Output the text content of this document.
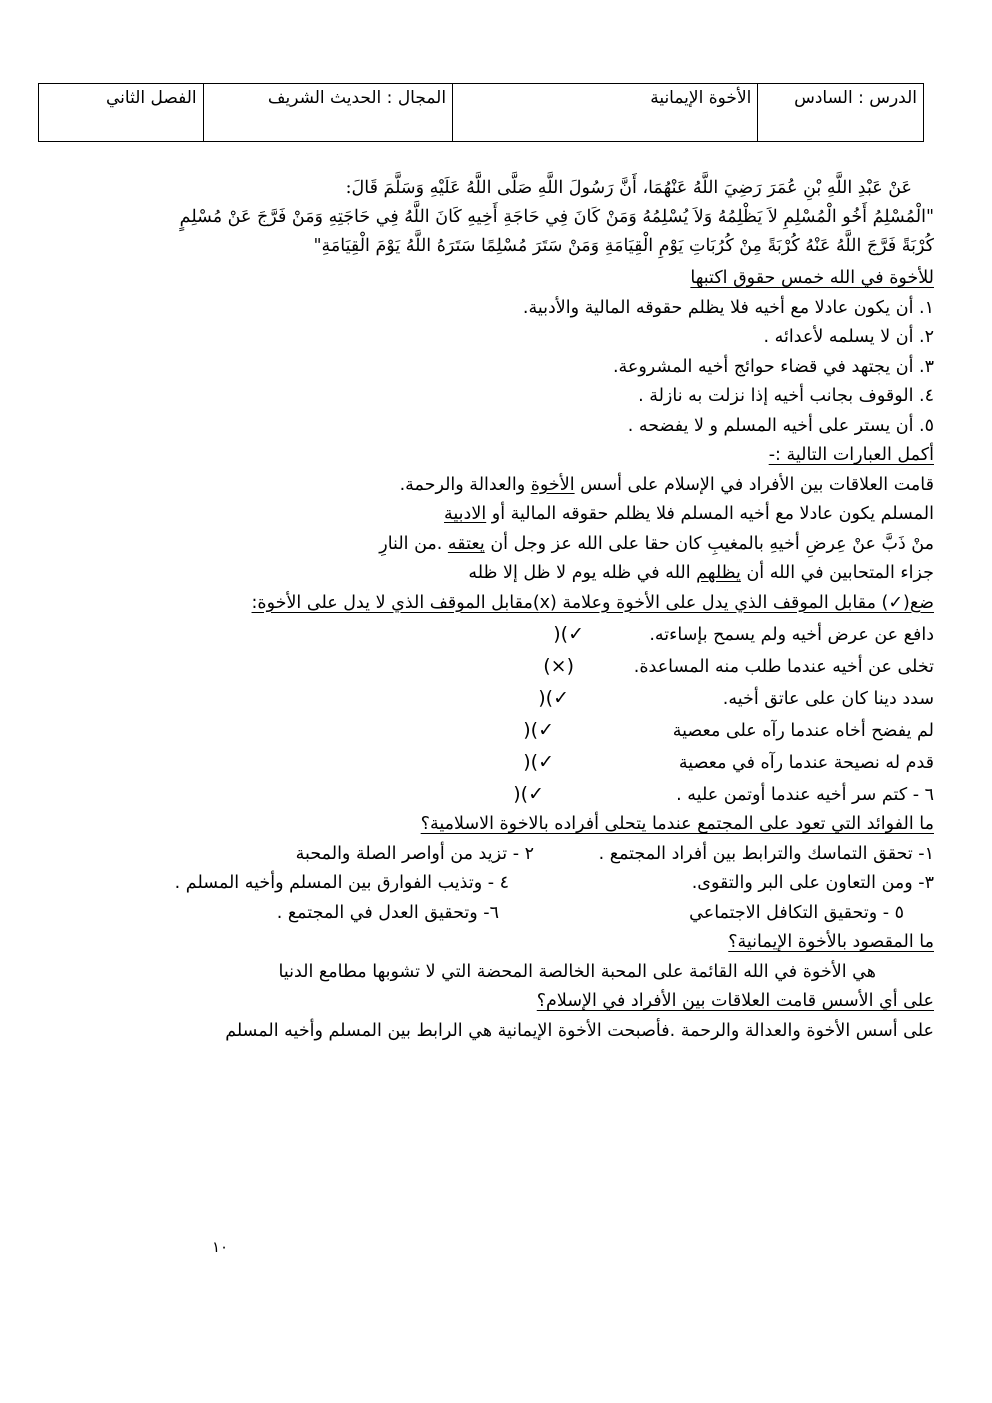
الدرس : السادس
الأخوة الإيمانية
المجال : الحديث الشريف
الفصل الثاني
عَنْ عَبْدِ اللَّهِ بْنِ عُمَرَ رَضِيَ اللَّهُ عَنْهُمَا، أَنَّ رَسُولَ اللَّهِ صَلَّى اللَّهُ عَلَيْهِ وَسَلَّمَ قَالَ:
"الْمُسْلِمُ أَخُو الْمُسْلِمِ لاَ يَظْلِمُهُ وَلاَ يُسْلِمُهُ وَمَنْ كَانَ فِي حَاجَةِ أَخِيهِ كَانَ اللَّهُ فِي حَاجَتِهِ وَمَنْ فَرَّجَ عَنْ مُسْلِمٍ
كُرْبَةً فَرَّجَ اللَّهُ عَنْهُ كُرْبَةً مِنْ كُرُبَاتِ يَوْمِ الْقِيَامَةِ وَمَنْ سَتَرَ مُسْلِمًا سَتَرَهُ اللَّهُ يَوْمَ الْقِيَامَةِ"
للأخوة في الله خمس حقوق اكتبها
١. أن يكون عادلا مع أخيه فلا يظلم حقوقه المالية والأدبية.
٢. أن لا يسلمه لأعدائه .
٣. أن يجتهد في قضاء حوائج أخيه المشروعة.
٤. الوقوف بجانب أخيه إذا نزلت به نازلة .
٥. أن يستر على أخيه المسلم و لا يفضحه .
أكمل العبارات التالية :-
قامت العلاقات بين الأفراد في الإسلام على أسس الأخوة والعدالة والرحمة.
المسلم يكون عادلا مع أخيه المسلم فلا يظلم حقوقه المالية أو الادبية
منْ ذَبَّ عنْ عِرضِ أخيهِ بالمغيبِ كان حقا على الله عز وجل أن يعتقه .من النارِ
جزاء المتحابين في الله أن يظلهم الله في ظله يوم لا ظل إلا ظله
ضع(✓) مقابل الموقف الذي يدل على الأخوة وعلامة (x)مقابل الموقف الذي لا يدل على الأخوة:
دافع عن عرض أخيه ولم يسمح بإساءته.✓)(
تخلى عن أخيه عندما طلب منه المساعدة.(×)
سدد دينا كان على عاتق أخيه.✓)(
لم يفضح أخاه عندما رآه على معصية✓)(
قدم له نصيحة عندما رآه في معصية✓)(
٦ - كتم سر أخيه عندما أوتمن عليه .✓)(
ما الفوائد التي تعود على المجتمع عندما يتحلى أفراده بالاخوة الاسلامية؟
١- تحقق التماسك والترابط بين أفراد المجتمع .
٢ - تزيد من أواصر الصلة والمحبة
٣- ومن التعاون على البر والتقوى.
٤ - وتذيب الفوارق بين المسلم وأخيه المسلم .
٥ - وتحقيق التكافل الاجتماعي
٦- وتحقيق العدل في المجتمع .
ما المقصود بالأخوة الإيمانية؟
هي الأخوة في الله القائمة على المحبة الخالصة المحضة التي لا تشوبها مطامع الدنيا
على أي الأسس قامت العلاقات بين الأفراد في الإسلام؟
على أسس الأخوة والعدالة والرحمة .فأصبحت الأخوة الإيمانية هي الرابط بين المسلم وأخيه المسلم
١٠
